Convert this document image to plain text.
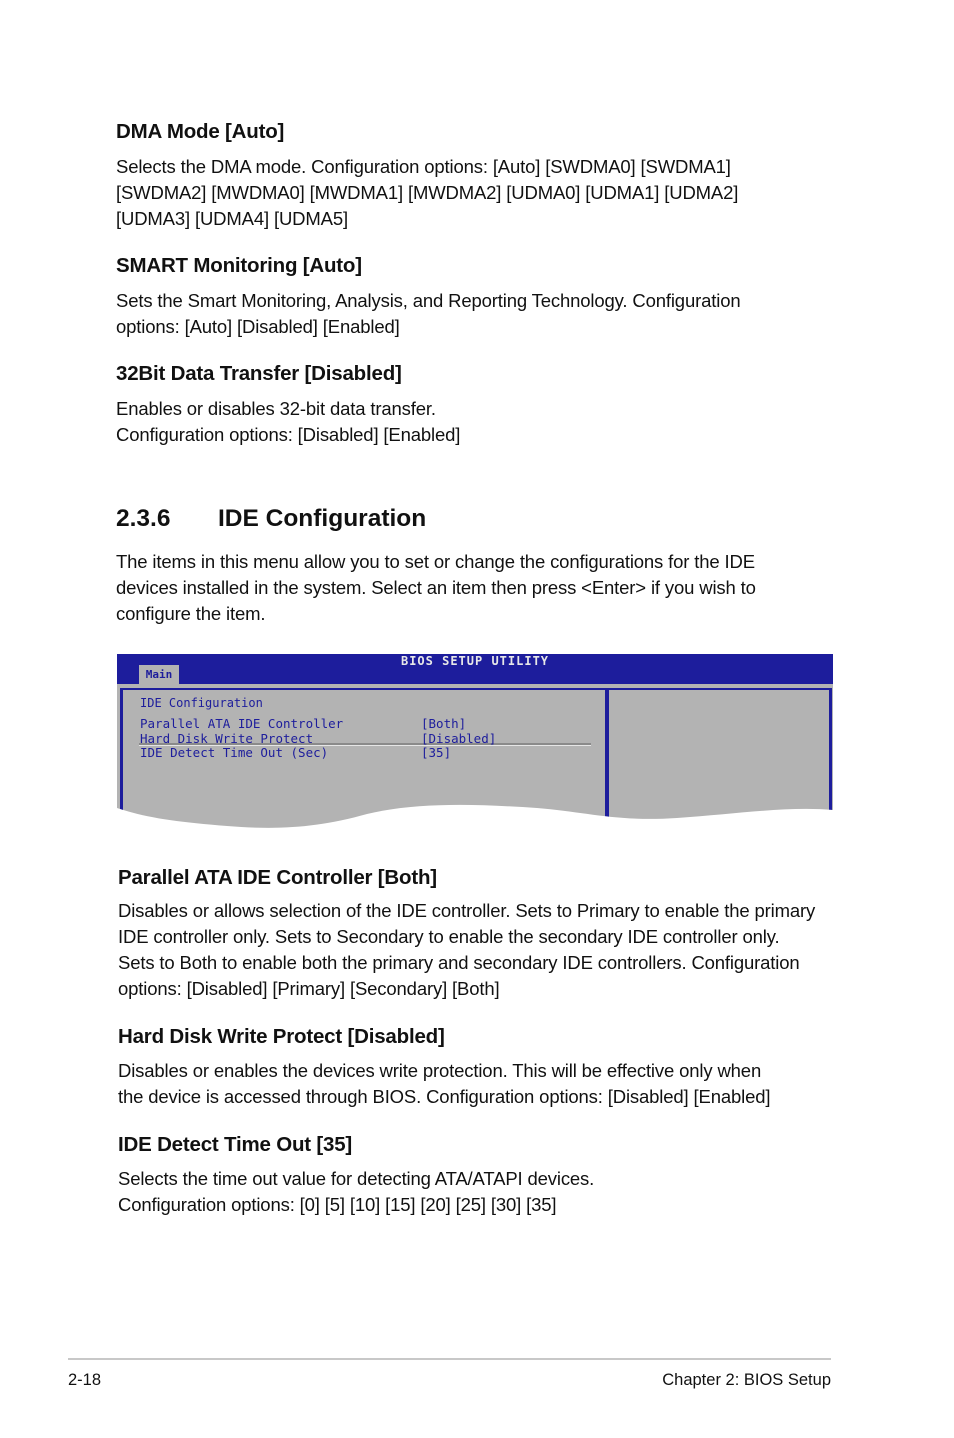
DMA Mode [Auto]
Selects the DMA mode. Configuration options: [Auto] [SWDMA0] [SWDMA1]
[SWDMA2] [MWDMA0] [MWDMA1] [MWDMA2] [UDMA0] [UDMA1] [UDMA2]
[UDMA3] [UDMA4] [UDMA5]
SMART Monitoring [Auto]
Sets the Smart Monitoring, Analysis, and Reporting Technology. Configuration
options: [Auto] [Disabled] [Enabled]
32Bit Data Transfer [Disabled]
Enables or disables 32-bit data transfer.
Configuration options: [Disabled] [Enabled]
2.3.6 IDE Configuration
The items in this menu allow you to set or change the configurations for the IDE
devices installed in the system. Select an item then press <Enter> if you wish to
configure the item.
BIOS SETUP UTILITY
Main
IDE Configuration
Parallel ATA IDE Controller	[Both]
Hard Disk Write Protect	[Disabled]
IDE Detect Time Out (Sec)	[35]
Parallel ATA IDE Controller [Both]
Disables or allows selection of the IDE controller. Sets to Primary to enable the primary
IDE controller only. Sets to Secondary to enable the secondary IDE controller only.
Sets to Both to enable both the primary and secondary IDE controllers. Configuration
options: [Disabled] [Primary] [Secondary] [Both]
Hard Disk Write Protect [Disabled]
Disables or enables the devices write protection. This will be effective only when
the device is accessed through BIOS. Configuration options: [Disabled] [Enabled]
IDE Detect Time Out [35]
Selects the time out value for detecting ATA/ATAPI devices.
Configuration options: [0] [5] [10] [15] [20] [25] [30] [35]
2-18	Chapter 2: BIOS Setup
